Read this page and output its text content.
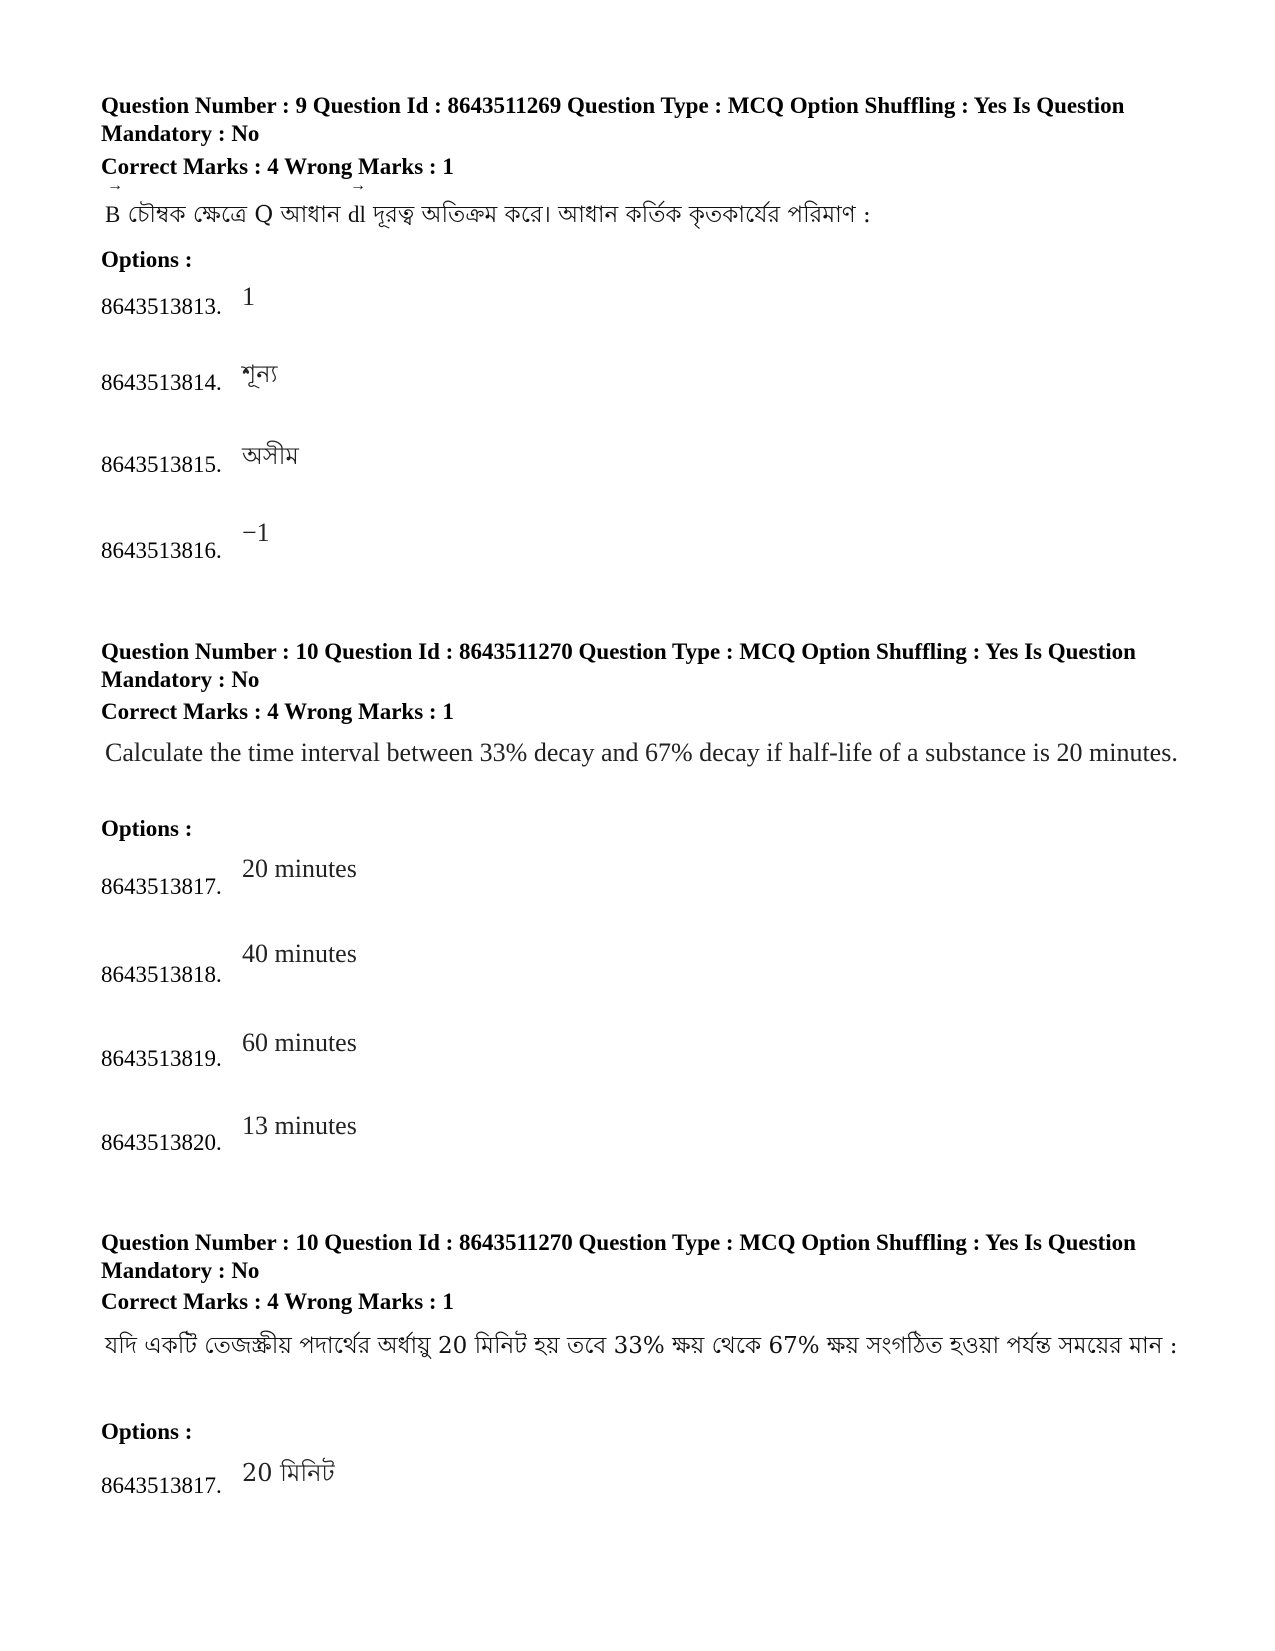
Question Number : 9 Question Id : 8643511269 Question Type : MCQ Option Shuffling : Yes Is Question Mandatory : No
Correct Marks : 4 Wrong Marks : 1
→
B চৌম্বক ক্ষেত্রে Q আধান
→
dl দূরত্ব অতিক্রম করে। আধান কর্তিক কৃতকার্যের পরিমাণ :
Options :
8643513813. 1
8643513814. শূন্য
8643513815. অসীম
8643513816.
−1
Question Number : 10 Question Id : 8643511270 Question Type : MCQ Option Shuffling : Yes Is Question Mandatory : No
Correct Marks : 4 Wrong Marks : 1
Calculate the time interval between 33% decay and 67% decay if half-life of a substance is 20 minutes.
Options :
8643513817.
20 minutes
8643513818.
40 minutes
8643513819.
60 minutes
8643513820.
13 minutes
Question Number : 10 Question Id : 8643511270 Question Type : MCQ Option Shuffling : Yes Is Question Mandatory : No
Correct Marks : 4 Wrong Marks : 1
যদি একটি তেজস্ক্রীয় পদার্থের অর্ধায়ু 20 মিনিট হয় তবে 33% ক্ষয় থেকে 67% ক্ষয় সংগঠিত হওয়া পর্যন্ত সময়ের মান :
Options :
8643513817. 20 মিনিট
